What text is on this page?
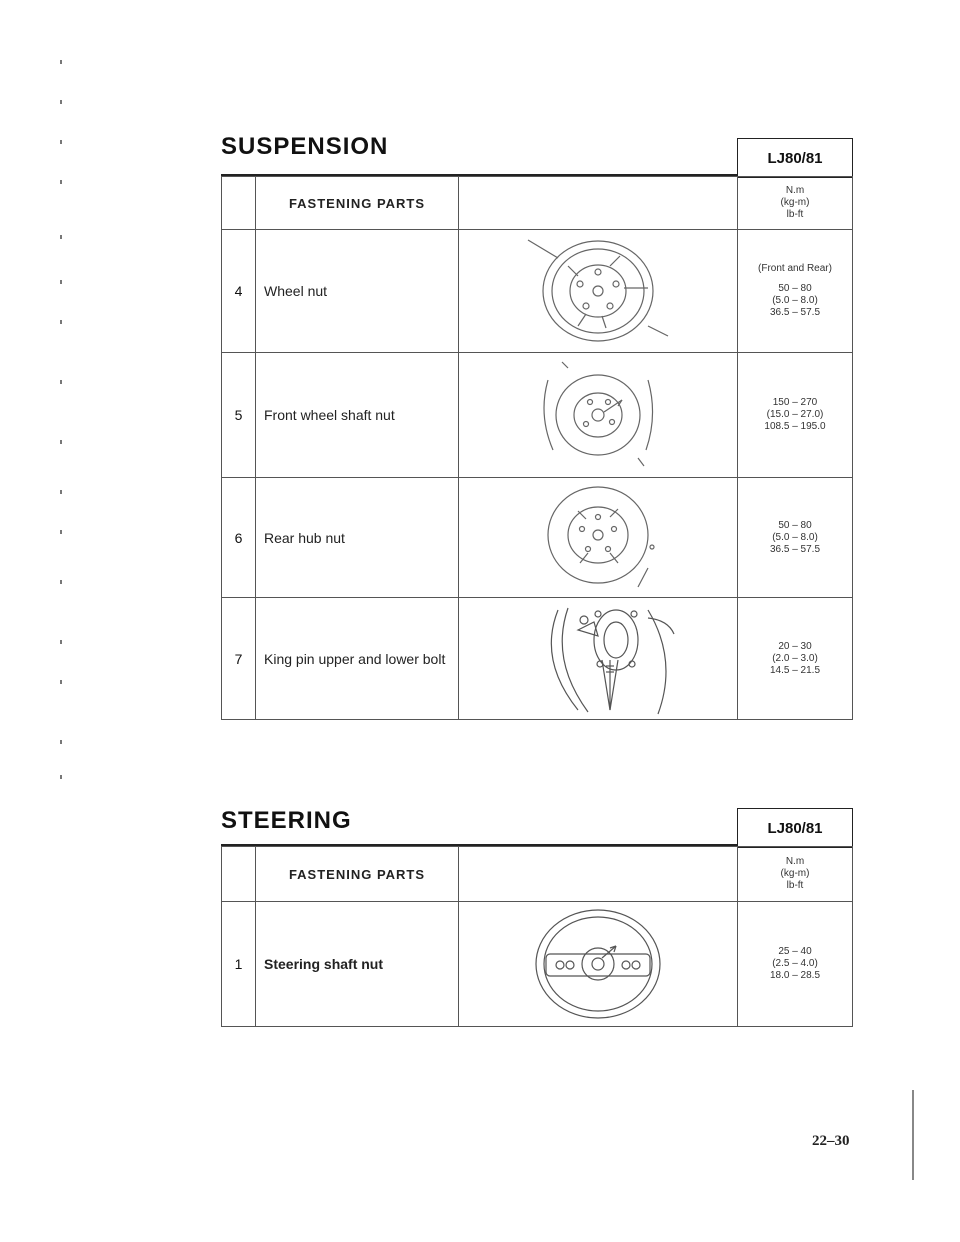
SUSPENSION	LJ80/81
	FASTENING PARTS		N.m
(kg-m)
lb-ft
4	Wheel nut		(Front and Rear)
50 – 80
(5.0 – 8.0)
36.5 – 57.5
5	Front wheel shaft nut		150 – 270
(15.0 – 27.0)
108.5 – 195.0
6	Rear hub nut		50 – 80
(5.0 – 8.0)
36.5 – 57.5
7	King pin upper and lower bolt		20 – 30
(2.0 – 3.0)
14.5 – 21.5
STEERING	LJ80/81
	FASTENING PARTS		N.m
(kg-m)
lb-ft
1	Steering shaft nut		25 – 40
(2.5 – 4.0)
18.0 – 28.5
22–30
